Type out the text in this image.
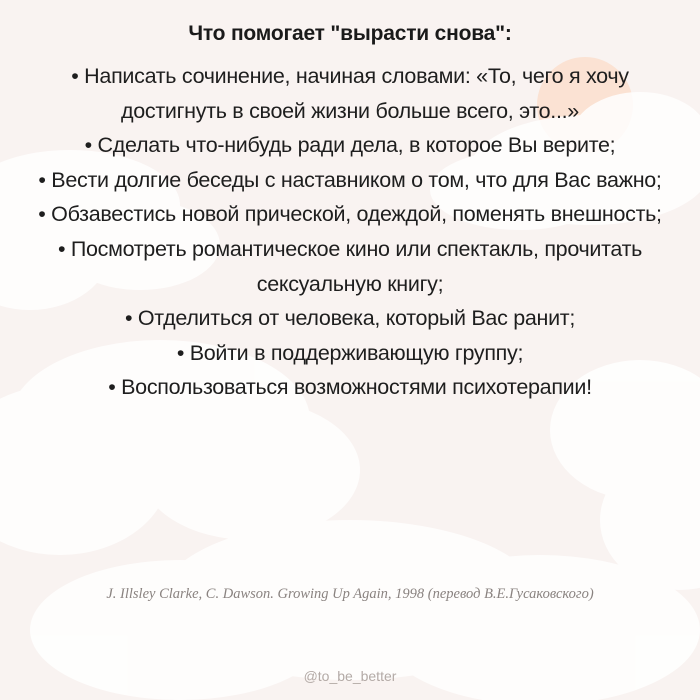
Что помогает "вырасти снова":

• Написать сочинение, начиная словами: «То, чего я хочу достигнуть в своей жизни больше всего, это...»

• Сделать что-нибудь ради дела, в которое Вы верите;

• Вести долгие беседы с наставником о том, что для Вас важно;

• Обзавестись новой прической, одеждой, поменять внешность;

• Посмотреть романтическое кино или спектакль, прочитать сексуальную книгу;

• Отделиться от человека, который Вас ранит;

• Войти в поддерживающую группу;

• Воспользоваться возможностями психотерапии!

J. Illsley Clarke, C. Dawson. Growing Up Again, 1998 (перевод В.Е.Гусаковского)
@to_be_better
